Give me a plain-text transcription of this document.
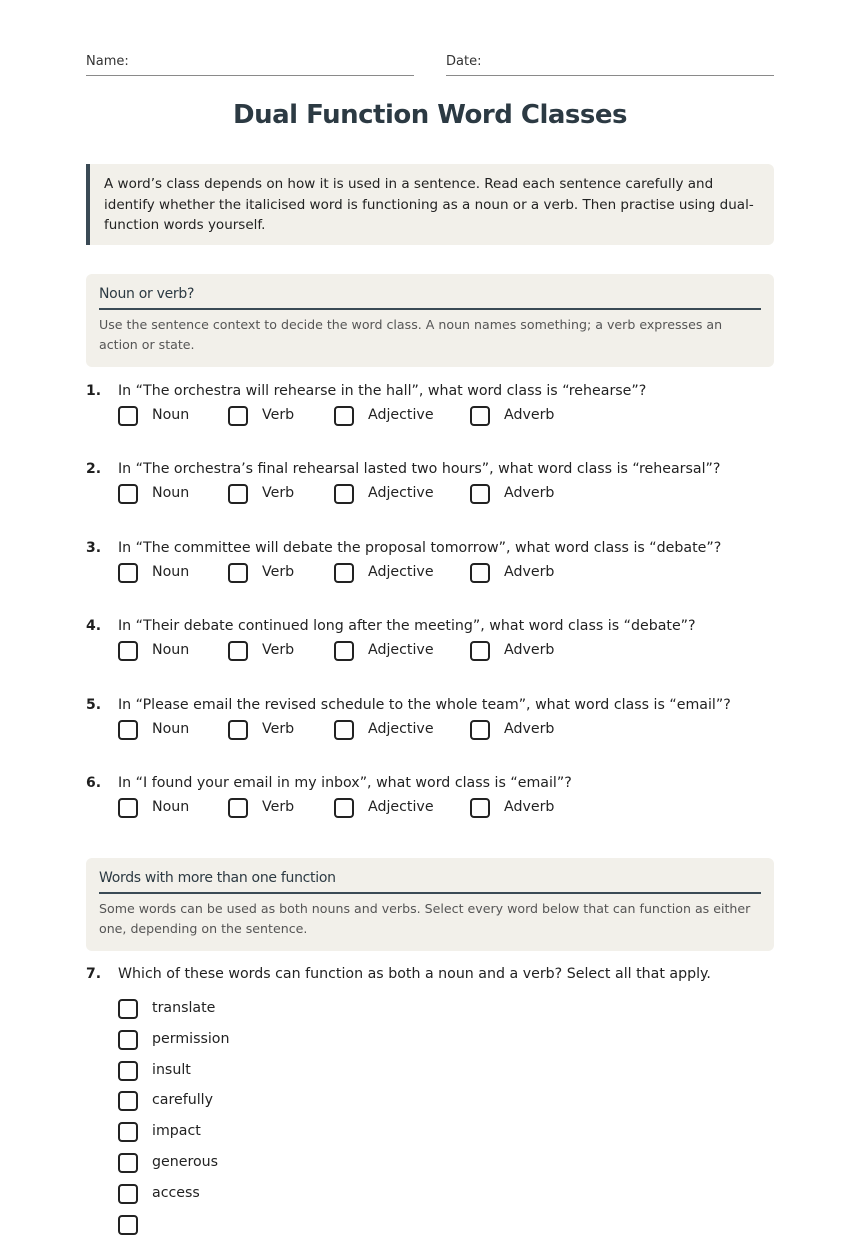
Name:	Date:
Dual Function Word Classes
A word’s class depends on how it is used in a sentence. Read each sentence carefully and identify whether the italicised word is functioning as a noun or a verb. Then practise using dual-function words yourself.
Noun or verb?
Use the sentence context to decide the word class. A noun names something; a verb expresses an action or state.
1. In “The orchestra will rehearse in the hall”, what word class is “rehearse”?
Noun	Verb	Adjective	Adverb
2. In “The orchestra’s final rehearsal lasted two hours”, what word class is “rehearsal”?
Noun	Verb	Adjective	Adverb
3. In “The committee will debate the proposal tomorrow”, what word class is “debate”?
Noun	Verb	Adjective	Adverb
4. In “Their debate continued long after the meeting”, what word class is “debate”?
Noun	Verb	Adjective	Adverb
5. In “Please email the revised schedule to the whole team”, what word class is “email”?
Noun	Verb	Adjective	Adverb
6. In “I found your email in my inbox”, what word class is “email”?
Noun	Verb	Adjective	Adverb
Words with more than one function
Some words can be used as both nouns and verbs. Select every word below that can function as either one, depending on the sentence.
7. Which of these words can function as both a noun and a verb? Select all that apply.
translate
permission
insult
carefully
impact
generous
access
